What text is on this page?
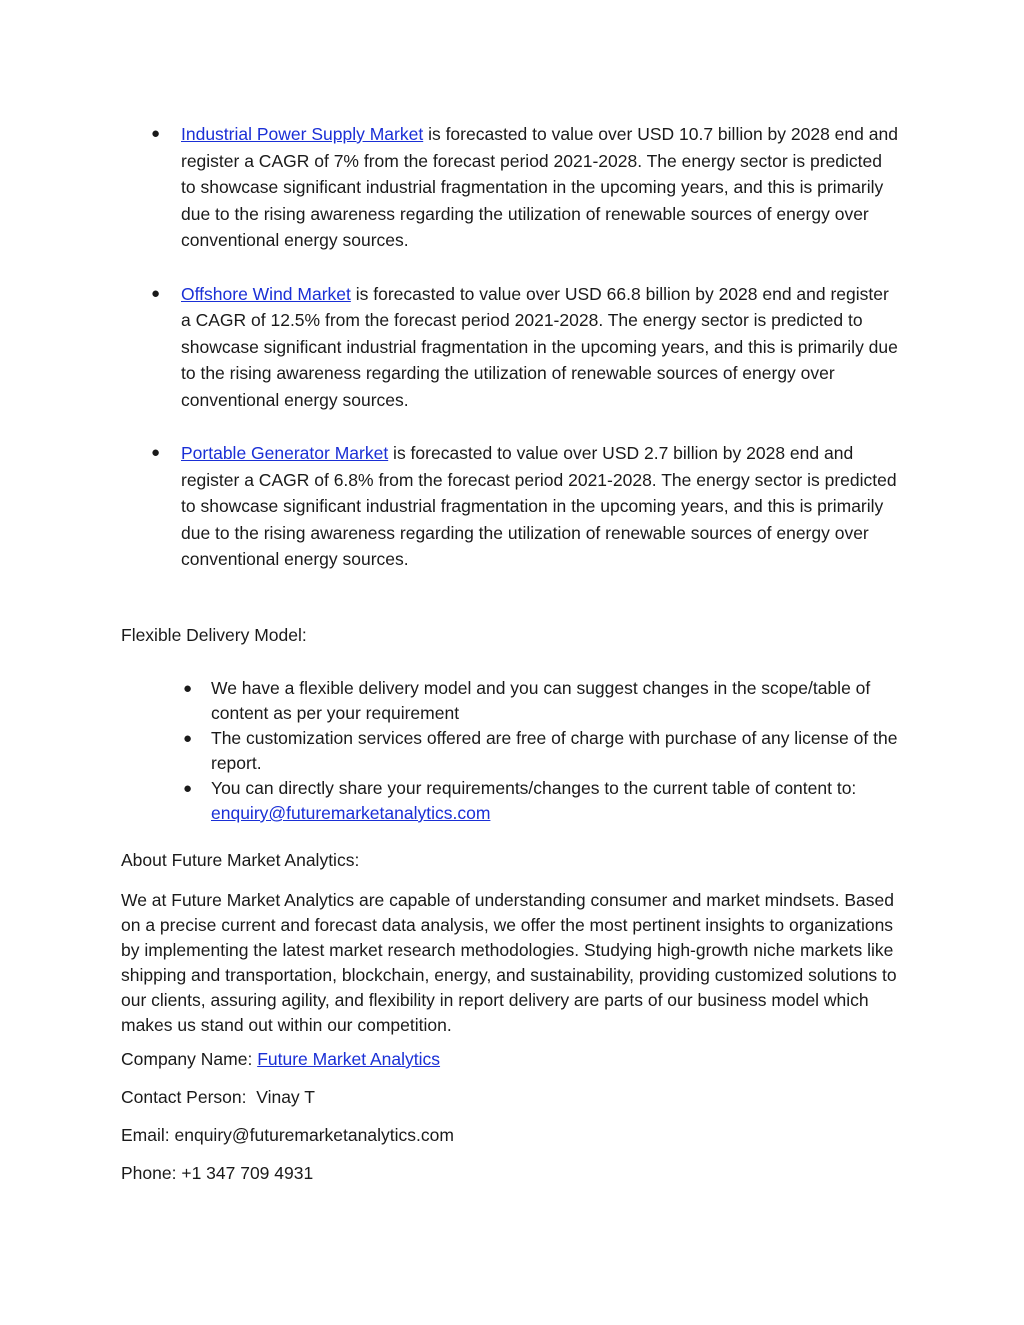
● Industrial Power Supply Market is forecasted to value over USD 10.7 billion by 2028 end and register a CAGR of 7% from the forecast period 2021-2028. The energy sector is predicted to showcase significant industrial fragmentation in the upcoming years, and this is primarily due to the rising awareness regarding the utilization of renewable sources of energy over conventional energy sources.
● Offshore Wind Market is forecasted to value over USD 66.8 billion by 2028 end and register a CAGR of 12.5% from the forecast period 2021-2028. The energy sector is predicted to showcase significant industrial fragmentation in the upcoming years, and this is primarily due to the rising awareness regarding the utilization of renewable sources of energy over conventional energy sources.
● Portable Generator Market is forecasted to value over USD 2.7 billion by 2028 end and register a CAGR of 6.8% from the forecast period 2021-2028. The energy sector is predicted to showcase significant industrial fragmentation in the upcoming years, and this is primarily due to the rising awareness regarding the utilization of renewable sources of energy over conventional energy sources.
Flexible Delivery Model:
● We have a flexible delivery model and you can suggest changes in the scope/table of content as per your requirement
● The customization services offered are free of charge with purchase of any license of the report.
● You can directly share your requirements/changes to the current table of content to: enquiry@futuremarketanalytics.com
About Future Market Analytics:
We at Future Market Analytics are capable of understanding consumer and market mindsets. Based on a precise current and forecast data analysis, we offer the most pertinent insights to organizations by implementing the latest market research methodologies. Studying high-growth niche markets like shipping and transportation, blockchain, energy, and sustainability, providing customized solutions to our clients, assuring agility, and flexibility in report delivery are parts of our business model which makes us stand out within our competition.
Company Name: Future Market Analytics
Contact Person:  Vinay T
Email: enquiry@futuremarketanalytics.com
Phone: +1 347 709 4931
